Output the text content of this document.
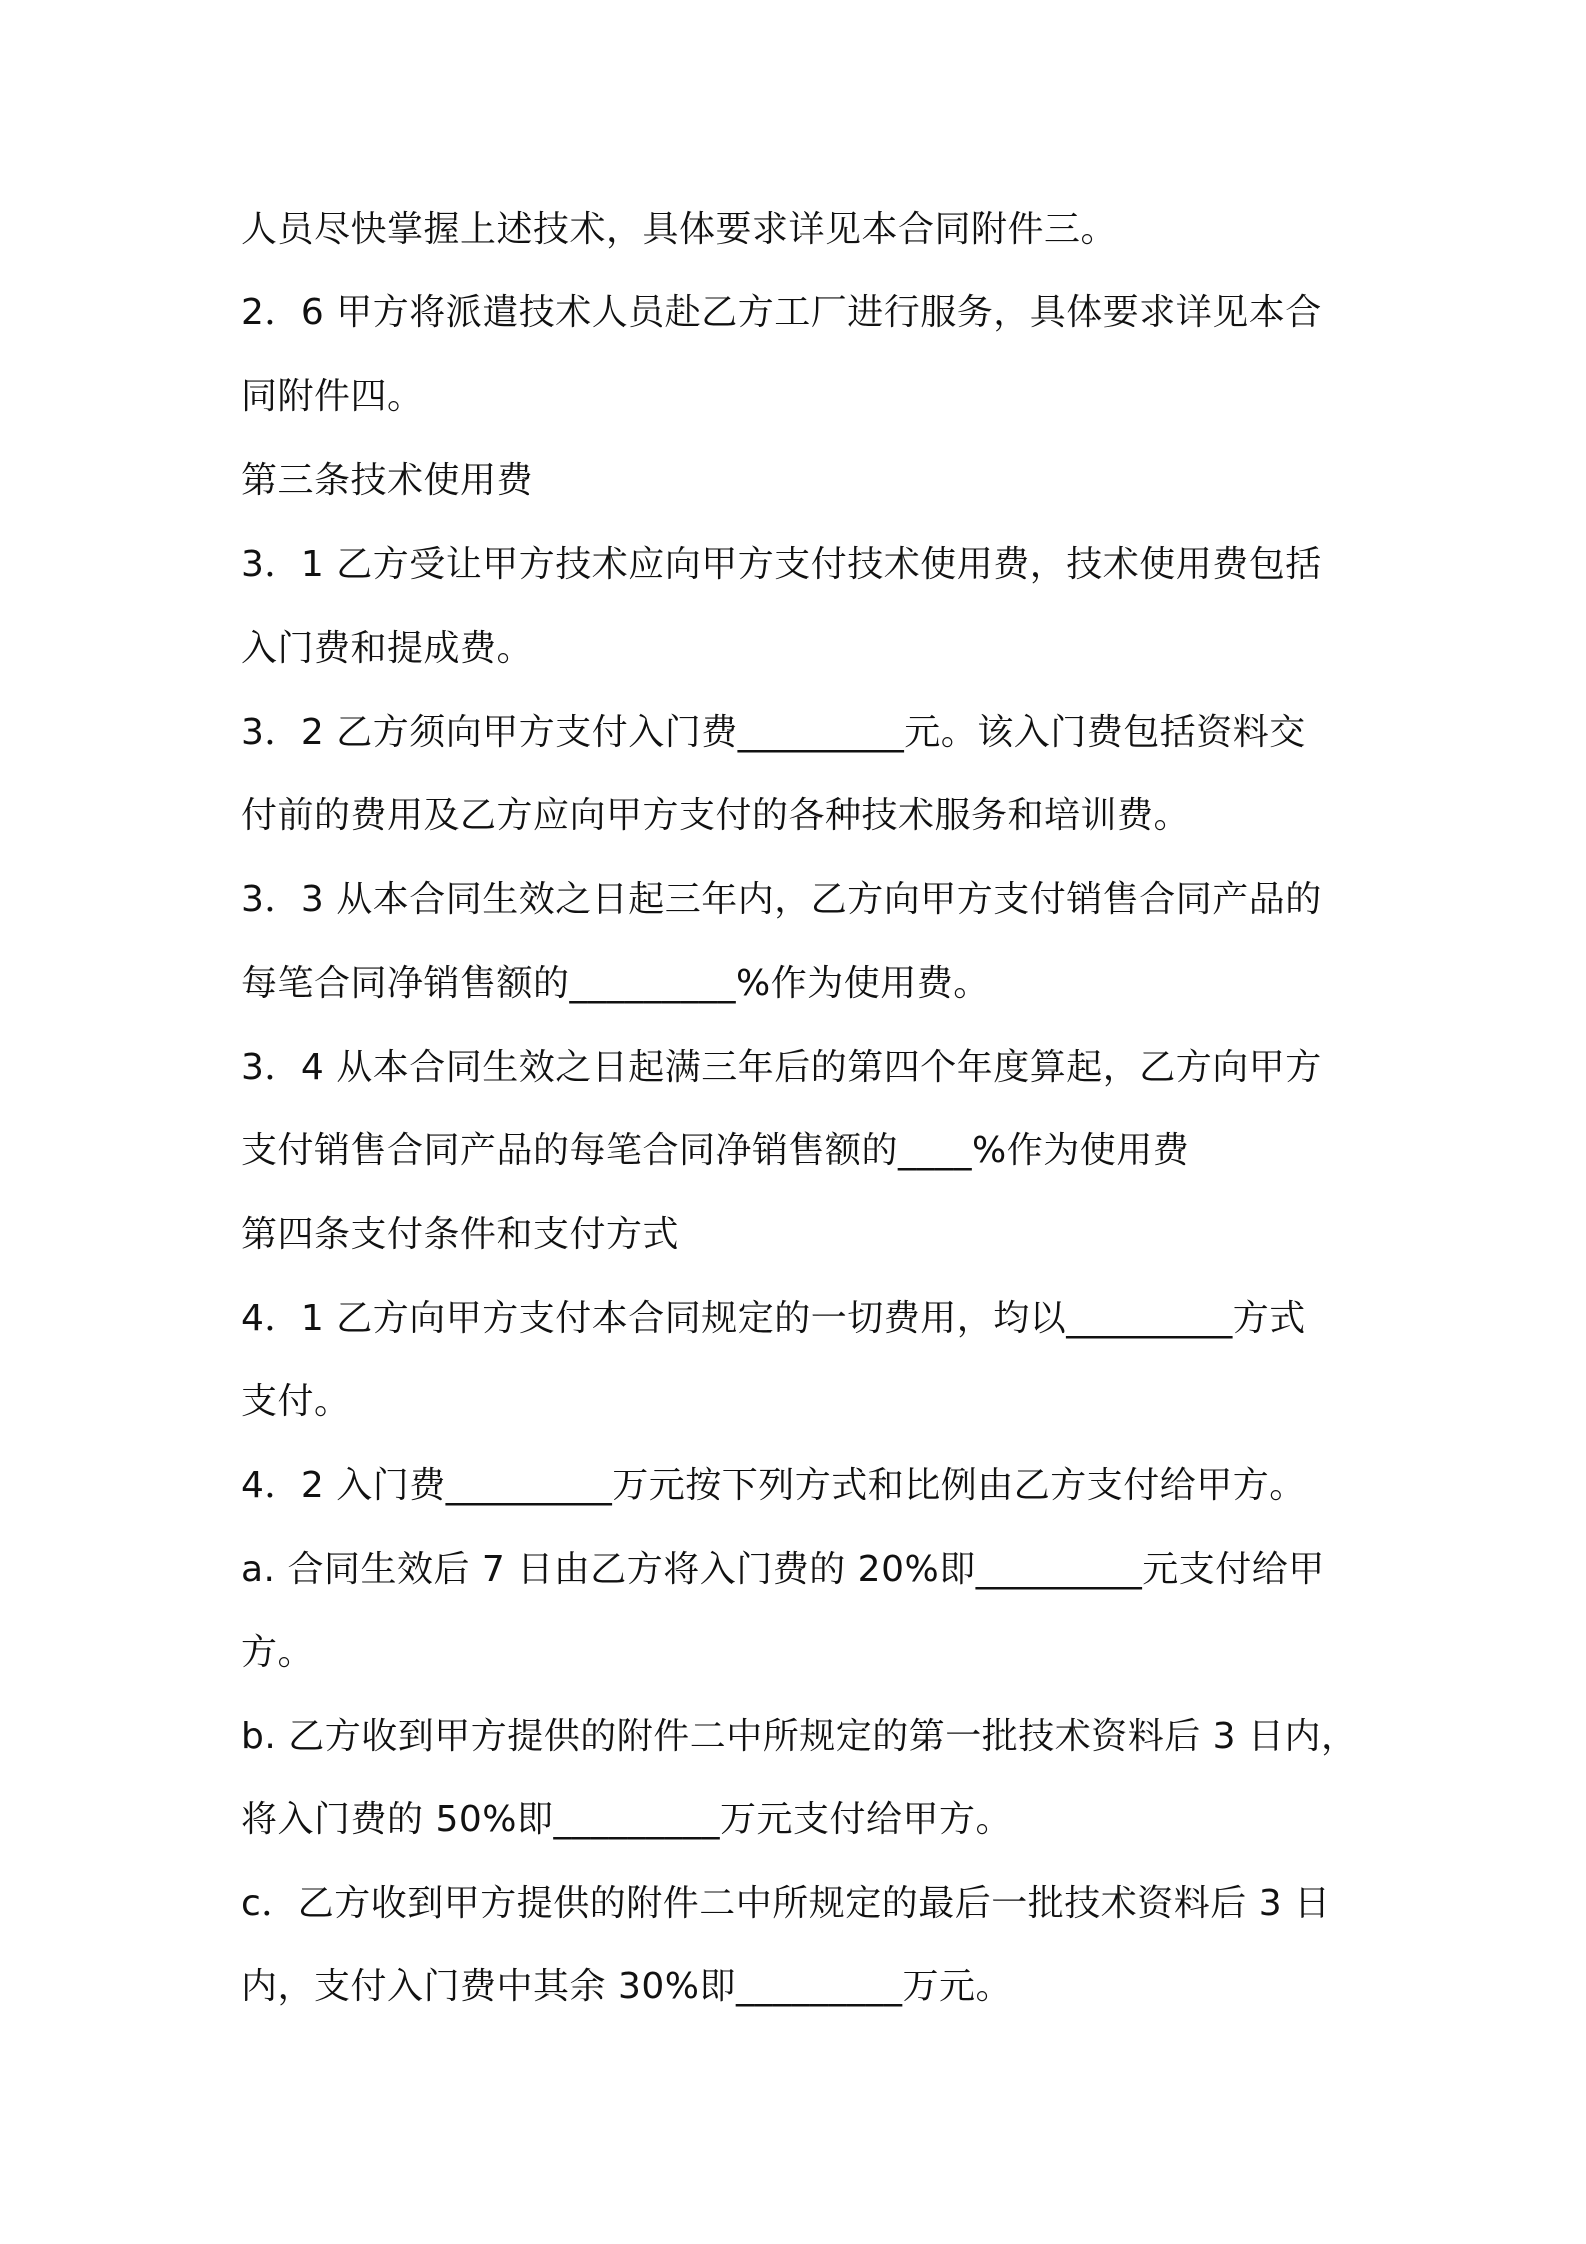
人员尽快掌握上述技术，具体要求详见本合同附件三。

2．6 甲方将派遣技术人员赴乙方工厂进行服务，具体要求详见本合

同附件四。

第三条技术使用费

3．1 乙方受让甲方技术应向甲方支付技术使用费，技术使用费包括

入门费和提成费。

3．2 乙方须向甲方支付入门费_________元。该入门费包括资料交

付前的费用及乙方应向甲方支付的各种技术服务和培训费。

3．3 从本合同生效之日起三年内，乙方向甲方支付销售合同产品的

每笔合同净销售额的_________%作为使用费。

3．4 从本合同生效之日起满三年后的第四个年度算起，乙方向甲方

支付销售合同产品的每笔合同净销售额的____%作为使用费

第四条支付条件和支付方式

4．1 乙方向甲方支付本合同规定的一切费用，均以_________方式

支付。

4．2 入门费_________万元按下列方式和比例由乙方支付给甲方。

a. 合同生效后 7 日由乙方将入门费的 20%即_________元支付给甲

方。

b. 乙方收到甲方提供的附件二中所规定的第一批技术资料后 3 日内，

将入门费的 50%即_________万元支付给甲方。

c．乙方收到甲方提供的附件二中所规定的最后一批技术资料后 3 日

内，支付入门费中其余 30%即_________万元。
